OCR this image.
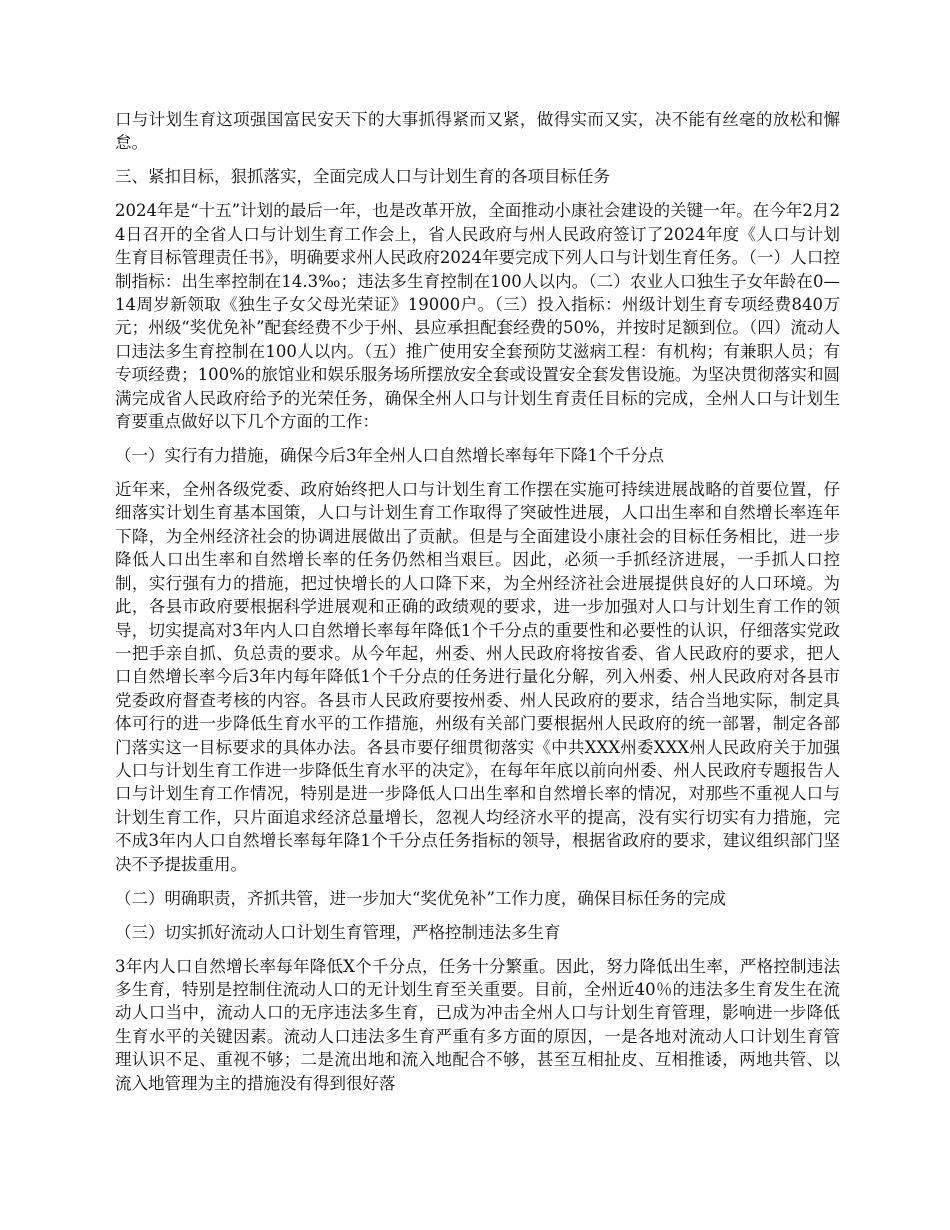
口与计划生育这项强国富民安天下的大事抓得紧而又紧，做得实而又实，决不能有丝毫的放松和懈怠。

三、紧扣目标，狠抓落实，全面完成人口与计划生育的各项目标任务

2024年是“十五”计划的最后一年，也是改革开放，全面推动小康社会建设的关键一年。在今年2月24日召开的全省人口与计划生育工作会上，省人民政府与州人民政府签订了2024年度《人口与计划生育目标管理责任书》，明确要求州人民政府2024年要完成下列人口与计划生育任务。（一）人口控制指标：出生率控制在14.3‰；违法多生育控制在100人以内。（二）农业人口独生子女年龄在0—14周岁新领取《独生子女父母光荣证》19000户。（三）投入指标：州级计划生育专项经费840万元；州级“奖优免补”配套经费不少于州、县应承担配套经费的50%，并按时足额到位。（四）流动人口违法多生育控制在100人以内。（五）推广使用安全套预防艾滋病工程：有机构；有兼职人员；有专项经费；100%的旅馆业和娱乐服务场所摆放安全套或设置安全套发售设施。为坚决贯彻落实和圆满完成省人民政府给予的光荣任务，确保全州人口与计划生育责任目标的完成，全州人口与计划生育要重点做好以下几个方面的工作：

（一）实行有力措施，确保今后3年全州人口自然增长率每年下降1个千分点

近年来，全州各级党委、政府始终把人口与计划生育工作摆在实施可持续进展战略的首要位置，仔细落实计划生育基本国策，人口与计划生育工作取得了突破性进展，人口出生率和自然增长率连年下降，为全州经济社会的协调进展做出了贡献。但是与全面建设小康社会的目标任务相比，进一步降低人口出生率和自然增长率的任务仍然相当艰巨。因此，必须一手抓经济进展，一手抓人口控制，实行强有力的措施，把过快增长的人口降下来，为全州经济社会进展提供良好的人口环境。为此，各县市政府要根据科学进展观和正确的政绩观的要求，进一步加强对人口与计划生育工作的领导，切实提高对3年内人口自然增长率每年降低1个千分点的重要性和必要性的认识，仔细落实党政一把手亲自抓、负总责的要求。从今年起，州委、州人民政府将按省委、省人民政府的要求，把人口自然增长率今后3年内每年降低1个千分点的任务进行量化分解，列入州委、州人民政府对各县市党委政府督查考核的内容。各县市人民政府要按州委、州人民政府的要求，结合当地实际，制定具体可行的进一步降低生育水平的工作措施，州级有关部门要根据州人民政府的统一部署，制定各部门落实这一目标要求的具体办法。各县市要仔细贯彻落实《中共XXX州委XXX州人民政府关于加强人口与计划生育工作进一步降低生育水平的决定》，在每年年底以前向州委、州人民政府专题报告人口与计划生育工作情况，特别是进一步降低人口出生率和自然增长率的情况，对那些不重视人口与计划生育工作，只片面追求经济总量增长，忽视人均经济水平的提高，没有实行切实有力措施，完不成3年内人口自然增长率每年降1个千分点任务指标的领导，根据省政府的要求，建议组织部门坚决不予提拔重用。

（二）明确职责，齐抓共管，进一步加大“奖优免补”工作力度，确保目标任务的完成

（三）切实抓好流动人口计划生育管理，严格控制违法多生育

3年内人口自然增长率每年降低X个千分点，任务十分繁重。因此，努力降低出生率，严格控制违法多生育，特别是控制住流动人口的无计划生育至关重要。目前，全州近40％的违法多生育发生在流动人口当中，流动人口的无序违法多生育，已成为冲击全州人口与计划生育管理，影响进一步降低生育水平的关键因素。流动人口违法多生育严重有多方面的原因，一是各地对流动人口计划生育管理认识不足、重视不够；二是流出地和流入地配合不够，甚至互相扯皮、互相推诿，两地共管、以流入地管理为主的措施没有得到很好落
